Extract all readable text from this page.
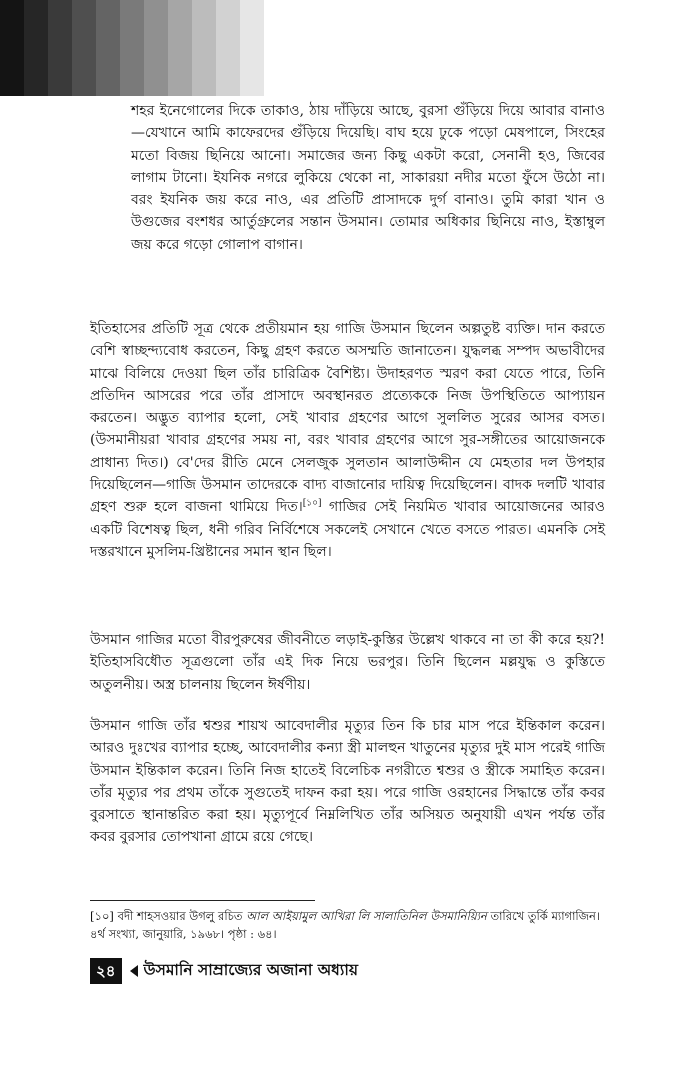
শহর ইনেগোলের দিকে তাকাও, ঠায় দাঁড়িয়ে আছে, বুরসা গুঁড়িয়ে দিয়ে আবার বানাও—যেখানে আমি কাফেরদের গুঁড়িয়ে দিয়েছি। বাঘ হয়ে ঢুকে পড়ো মেষপালে, সিংহের মতো বিজয় ছিনিয়ে আনো। সমাজের জন্য কিছু একটা করো, সেনানী হও, জিবের লাগাম টানো। ইযনিক নগরে লুকিয়ে থেকো না, সাকারয়া নদীর মতো ফুঁসে উঠো না। বরং ইযনিক জয় করে নাও, এর প্রতিটি প্রাসাদকে দুর্গ বানাও। তুমি কারা খান ও উগুজের বংশধর আর্তুগ্রুলের সন্তান উসমান। তোমার অধিকার ছিনিয়ে নাও, ইস্তাম্বুল জয় করে গড়ো গোলাপ বাগান।

ইতিহাসের প্রতিটি সূত্র থেকে প্রতীয়মান হয় গাজি উসমান ছিলেন অল্পতুষ্ট ব্যক্তি। দান করতে বেশি স্বাচ্ছন্দ্যবোধ করতেন, কিছু গ্রহণ করতে অসম্মতি জানাতেন। যুদ্ধলব্ধ সম্পদ অভাবীদের মাঝে বিলিয়ে দেওয়া ছিল তাঁর চারিত্রিক বৈশিষ্ট্য। উদাহরণত স্মরণ করা যেতে পারে, তিনি প্রতিদিন আসরের পরে তাঁর প্রাসাদে অবস্থানরত প্রত্যেককে নিজ উপস্থিতিতে আপ্যায়ন করতেন। অদ্ভুত ব্যাপার হলো, সেই খাবার গ্রহণের আগে সুললিত সুরের আসর বসত। (উসমানীয়রা খাবার গ্রহণের সময় না, বরং খাবার গ্রহণের আগে সুর-সঙ্গীতের আয়োজনকে প্রাধান্য দিত।) বে'দের রীতি মেনে সেলজুক সুলতান আলাউদ্দীন যে মেহতার দল উপহার দিয়েছিলেন—গাজি উসমান তাদেরকে বাদ্য বাজানোর দায়িত্ব দিয়েছিলেন। বাদক দলটি খাবার গ্রহণ শুরু হলে বাজনা থামিয়ে দিত।[১০] গাজির সেই নিয়মিত খাবার আয়োজনের আরও একটি বিশেষত্ব ছিল, ধনী গরিব নির্বিশেষে সকলেই সেখানে খেতে বসতে পারত। এমনকি সেই দস্তরখানে মুসলিম-খ্রিষ্টানের সমান স্থান ছিল।

উসমান গাজির মতো বীরপুরুষের জীবনীতে লড়াই-কুস্তির উল্লেখ থাকবে না তা কী করে হয়?! ইতিহাসবিধৌত সূত্রগুলো তাঁর এই দিক নিয়ে ভরপুর। তিনি ছিলেন মল্লযুদ্ধ ও কুস্তিতে অতুলনীয়। অস্ত্র চালনায় ছিলেন ঈর্ষণীয়।

উসমান গাজি তাঁর শ্বশুর শায়খ আবেদালীর মৃত্যুর তিন কি চার মাস পরে ইন্তিকাল করেন। আরও দুঃখের ব্যাপার হচ্ছে, আবেদালীর কন্যা স্ত্রী মালহুন খাতুনের মৃত্যুর দুই মাস পরেই গাজি উসমান ইন্তিকাল করেন। তিনি নিজ হাতেই বিলেচিক নগরীতে শ্বশুর ও স্ত্রীকে সমাহিত করেন। তাঁর মৃত্যুর পর প্রথম তাঁকে সুগুতেই দাফন করা হয়। পরে গাজি ওরহানের সিদ্ধান্তে তাঁর কবর বুরসাতে স্থানান্তরিত করা হয়। মৃত্যুপূর্বে নিম্নলিখিত তাঁর অসিয়ত অনুযায়ী এখন পর্যন্ত তাঁর কবর বুরসার তোপখানা গ্রামে রয়ে গেছে।

[১০] বদী শাহসওয়ার উগলু রচিত আল আইয়ামুল আখিরা লি সালাতিনিল উসমানিয়্যিন তারিখে তুর্কি ম্যাগাজিন। ৪র্থ সংখ্যা, জানুয়ারি, ১৯৬৮। পৃষ্ঠা : ৬৪।

২৪	উসমানি সাম্রাজ্যের অজানা অধ্যায়
